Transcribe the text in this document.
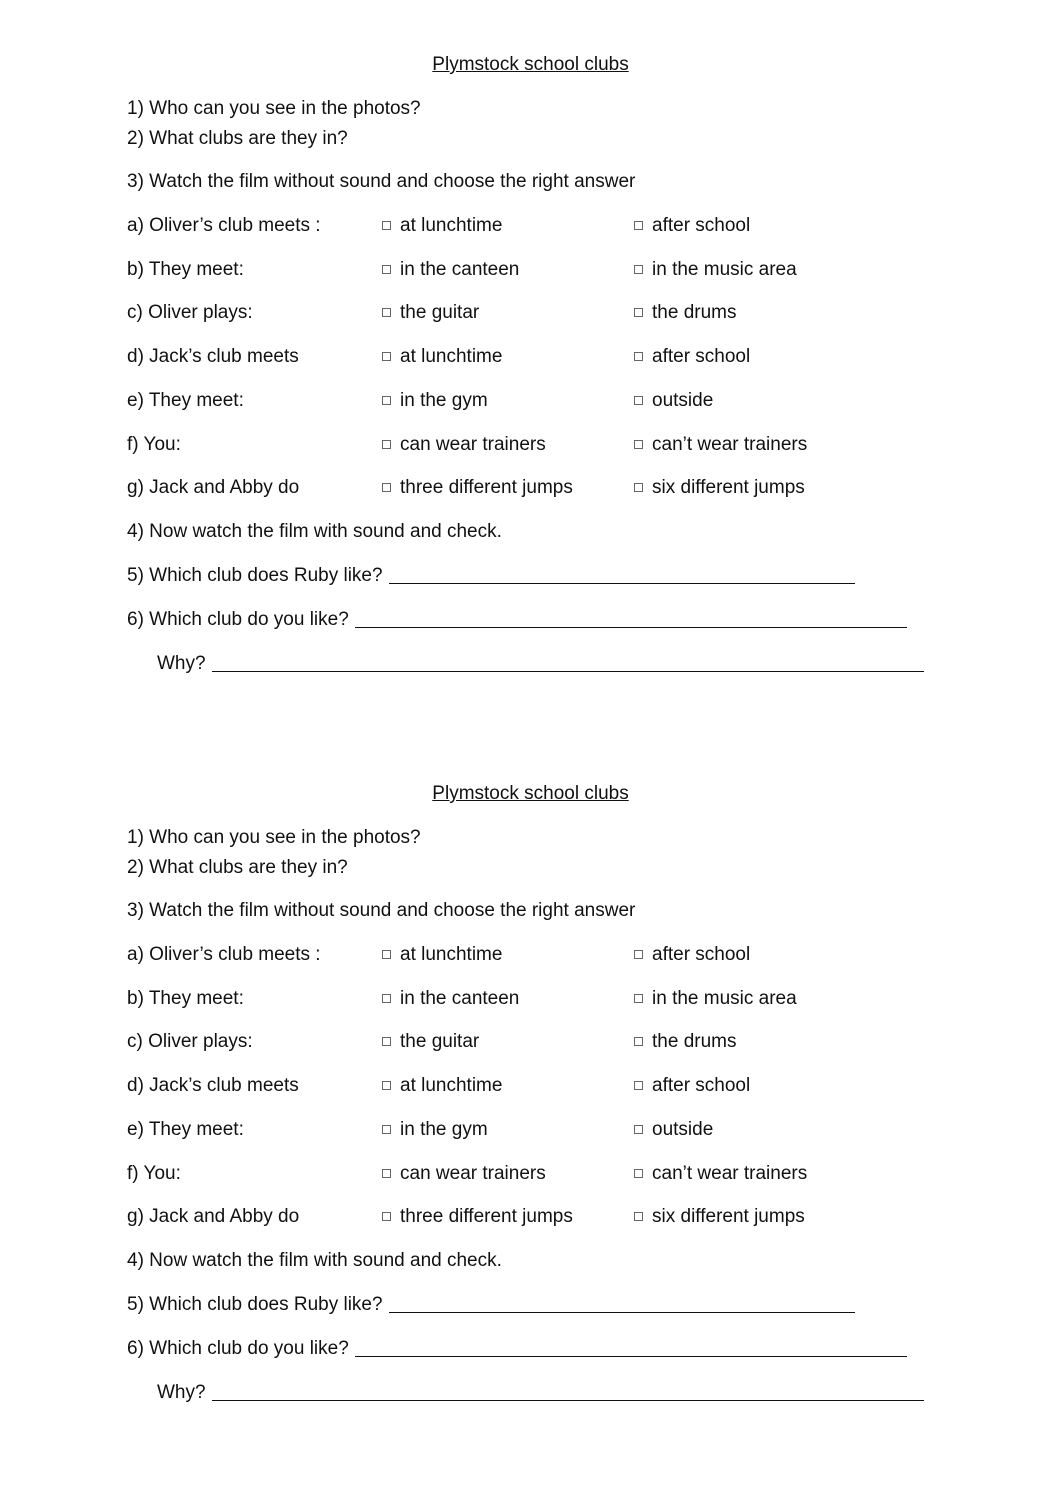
Plymstock school clubs
1) Who can you see in the photos?
2) What clubs are they in?
3) Watch the film without sound and choose the right answer
a) Oliver’s club meets :	at lunchtime	after school
b) They meet:	in the canteen	in the music area
c) Oliver plays:	the guitar	the drums
d) Jack’s club meets	at lunchtime	after school
e) They meet:	in the gym	outside
f) You:	can wear trainers	can’t wear trainers
g) Jack and Abby do	three different jumps	six different jumps
4) Now watch the film with sound and check.
5) Which club does Ruby like?
6) Which club do you like?
Why?
Plymstock school clubs
1) Who can you see in the photos?
2) What clubs are they in?
3) Watch the film without sound and choose the right answer
a) Oliver’s club meets :	at lunchtime	after school
b) They meet:	in the canteen	in the music area
c) Oliver plays:	the guitar	the drums
d) Jack’s club meets	at lunchtime	after school
e) They meet:	in the gym	outside
f) You:	can wear trainers	can’t wear trainers
g) Jack and Abby do	three different jumps	six different jumps
4) Now watch the film with sound and check.
5) Which club does Ruby like?
6) Which club do you like?
Why?
